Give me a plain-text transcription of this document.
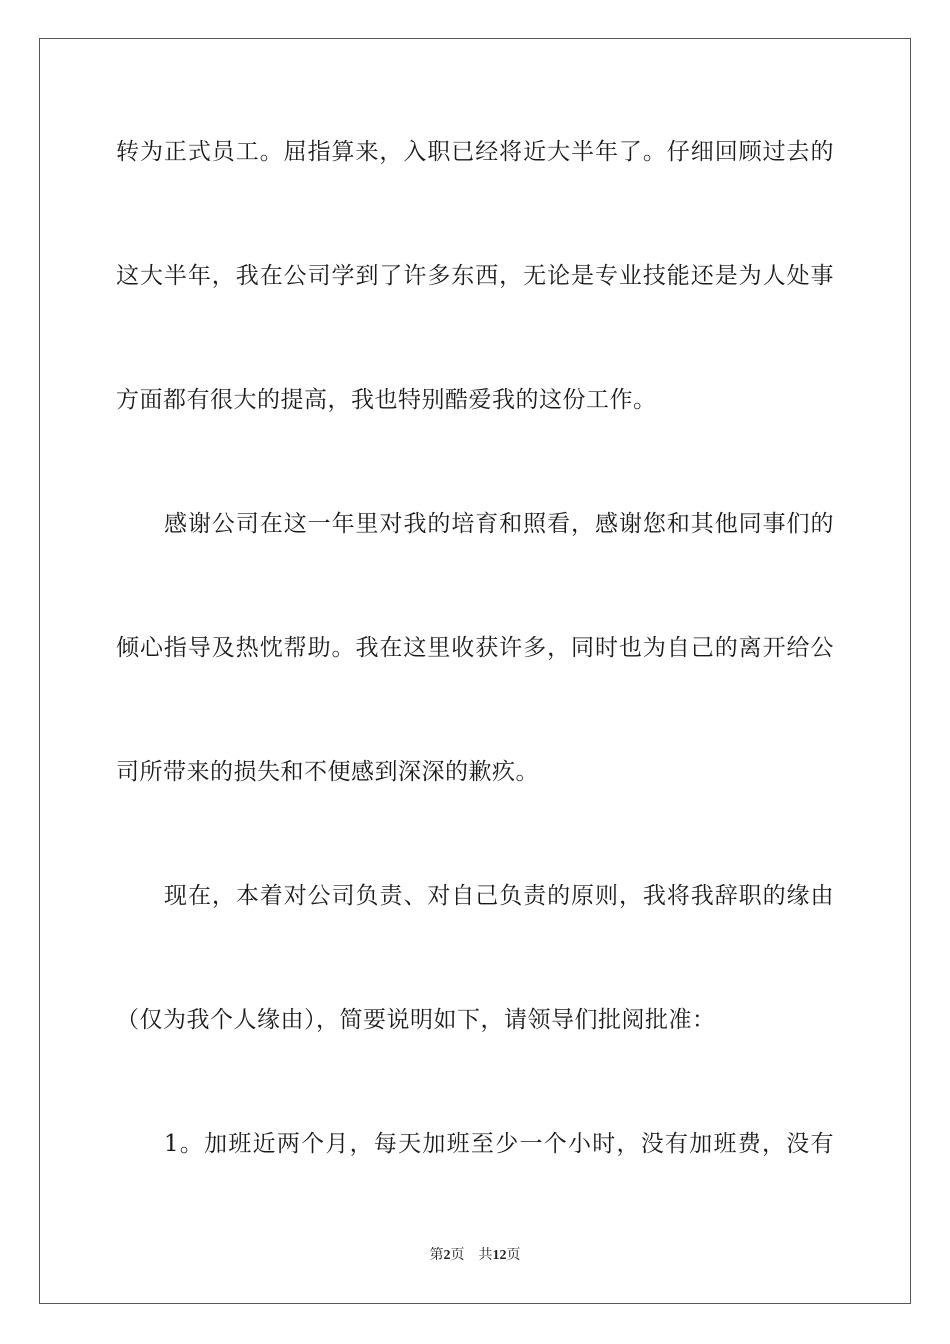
转为正式员工。屈指算来，入职已经将近大半年了。仔细回顾过去的
这大半年，我在公司学到了许多东西，无论是专业技能还是为人处事
方面都有很大的提高，我也特别酷爱我的这份工作。
感谢公司在这一年里对我的培育和照看，感谢您和其他同事们的
倾心指导及热忱帮助。我在这里收获许多，同时也为自己的离开给公
司所带来的损失和不便感到深深的歉疚。
现在，本着对公司负责、对自己负责的原则，我将我辞职的缘由
（仅为我个人缘由），简要说明如下，请领导们批阅批准：
1。加班近两个月，每天加班至少一个小时，没有加班费，没有
第2页 共12页
